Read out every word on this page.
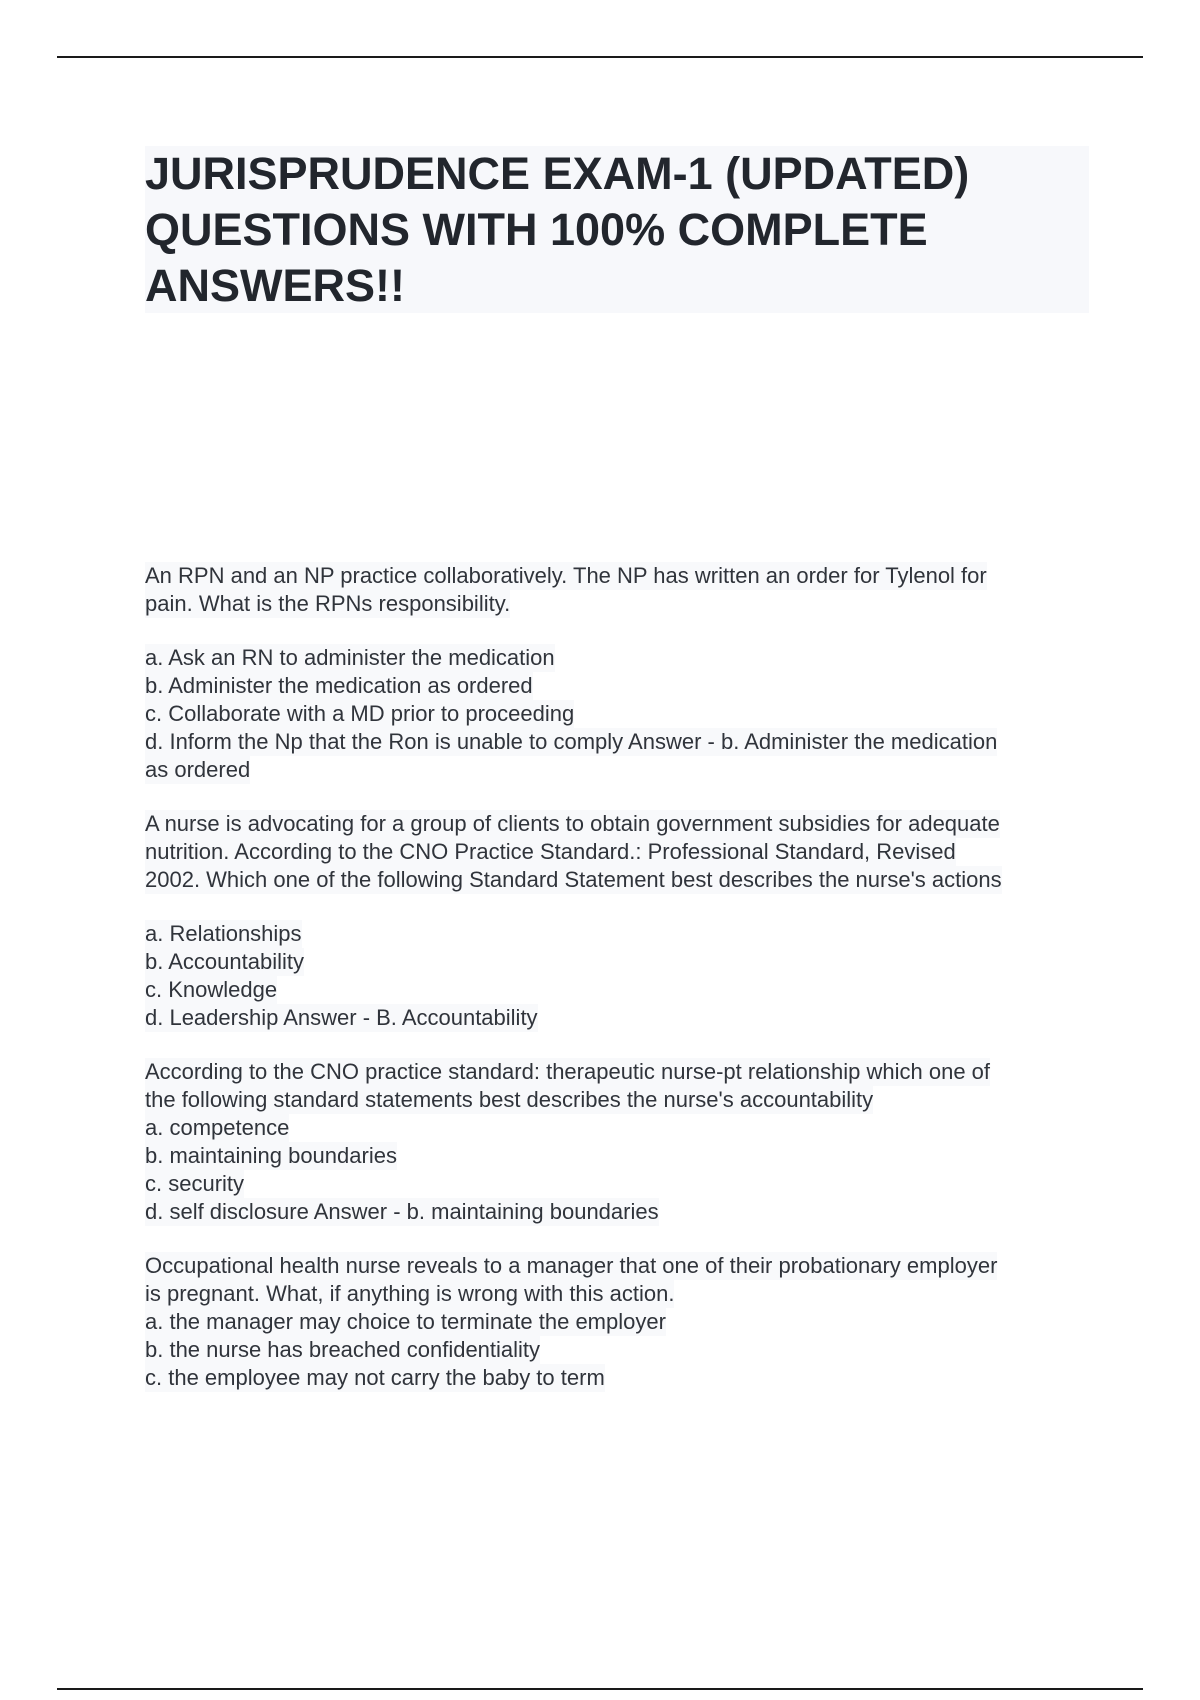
JURISPRUDENCE EXAM-1 (UPDATED)
QUESTIONS WITH 100% COMPLETE
ANSWERS!!
An RPN and an NP practice collaboratively. The NP has written an order for Tylenol for
pain. What is the RPNs responsibility.
a. Ask an RN to administer the medication
b. Administer the medication as ordered
c. Collaborate with a MD prior to proceeding
d. Inform the Np that the Ron is unable to comply Answer - b. Administer the medication
as ordered
A nurse is advocating for a group of clients to obtain government subsidies for adequate
nutrition. According to the CNO Practice Standard.: Professional Standard, Revised
2002. Which one of the following Standard Statement best describes the nurse's actions
a. Relationships
b. Accountability
c. Knowledge
d. Leadership Answer - B. Accountability
According to the CNO practice standard: therapeutic nurse-pt relationship which one of
the following standard statements best describes the nurse's accountability
a. competence
b. maintaining boundaries
c. security
d. self disclosure Answer - b. maintaining boundaries
Occupational health nurse reveals to a manager that one of their probationary employer
is pregnant. What, if anything is wrong with this action.
a. the manager may choice to terminate the employer
b. the nurse has breached confidentiality
c. the employee may not carry the baby to term
